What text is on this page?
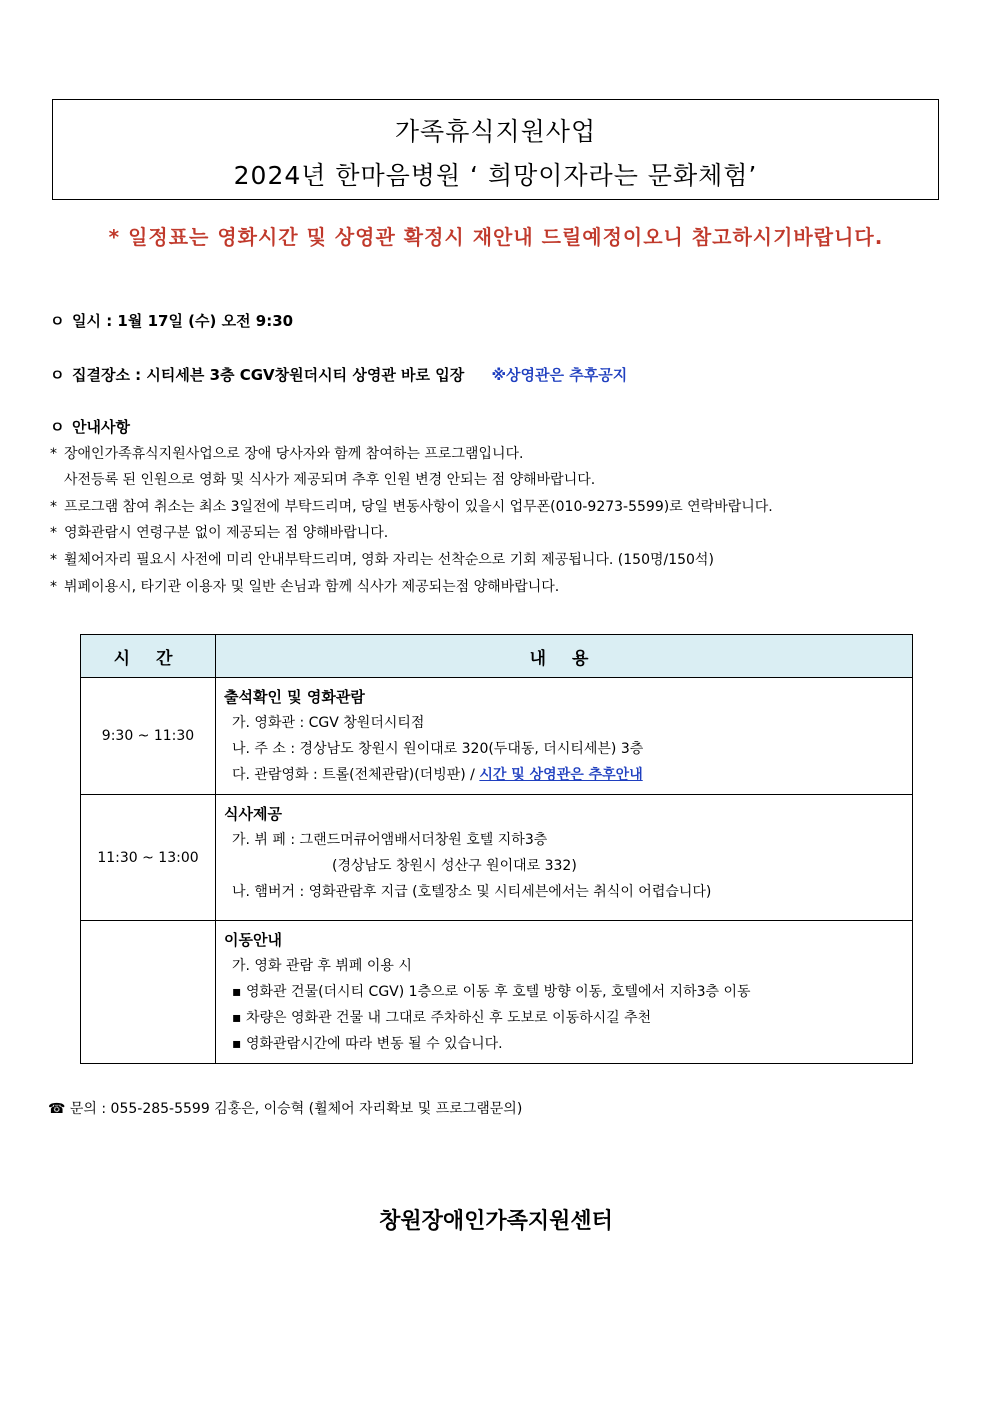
가족휴식지원사업
2024년 한마음병원 ‘ 희망이자라는 문화체험’
* 일정표는 영화시간 및 상영관 확정시 재안내 드릴예정이오니 참고하시기바랍니다.
ㅇ 일시 : 1월 17일 (수) 오전 9:30
ㅇ 집결장소 : 시티세븐 3층 CGV창원더시티 상영관 바로 입장 ※상영관은 추후공지
ㅇ 안내사항
* 장애인가족휴식지원사업으로 장애 당사자와 함께 참여하는 프로그램입니다.
사전등록 된 인원으로 영화 및 식사가 제공되며 추후 인원 변경 안되는 점 양해바랍니다.
* 프로그램 참여 취소는 최소 3일전에 부탁드리며, 당일 변동사항이 있을시 업무폰(010-9273-5599)로 연락바랍니다.
* 영화관람시 연령구분 없이 제공되는 점 양해바랍니다.
* 휠체어자리 필요시 사전에 미리 안내부탁드리며, 영화 자리는 선착순으로 기회 제공됩니다. (150명/150석)
* 뷔페이용시, 타기관 이용자 및 일반 손님과 함께 식사가 제공되는점 양해바랍니다.
시 간	내 용
9:30 ~ 11:30	출석확인 및 영화관람
가. 영화관 : CGV 창원더시티점
나. 주 소 : 경상남도 창원시 원이대로 320(두대동, 더시티세븐) 3층
다. 관람영화 : 트롤(전체관람)(더빙판) / 시간 및 상영관은 추후안내

11:30 ~ 13:00	식사제공
가. 뷔 페 : 그랜드머큐어앰배서더창원 호텔 지하3층
(경상남도 창원시 성산구 원이대로 332)
나. 햄버거 : 영화관람후 지급 (호텔장소 및 시티세븐에서는 취식이 어렵습니다)

	이동안내
가. 영화 관람 후 뷔페 이용 시
▪ 영화관 건물(더시티 CGV) 1층으로 이동 후 호텔 방향 이동, 호텔에서 지하3층 이동
▪ 차량은 영화관 건물 내 그대로 주차하신 후 도보로 이동하시길 추천
▪ 영화관람시간에 따라 변동 될 수 있습니다.
☎ 문의 : 055-285-5599 김홍은, 이승혁 (휠체어 자리확보 및 프로그램문의)
창원장애인가족지원센터
